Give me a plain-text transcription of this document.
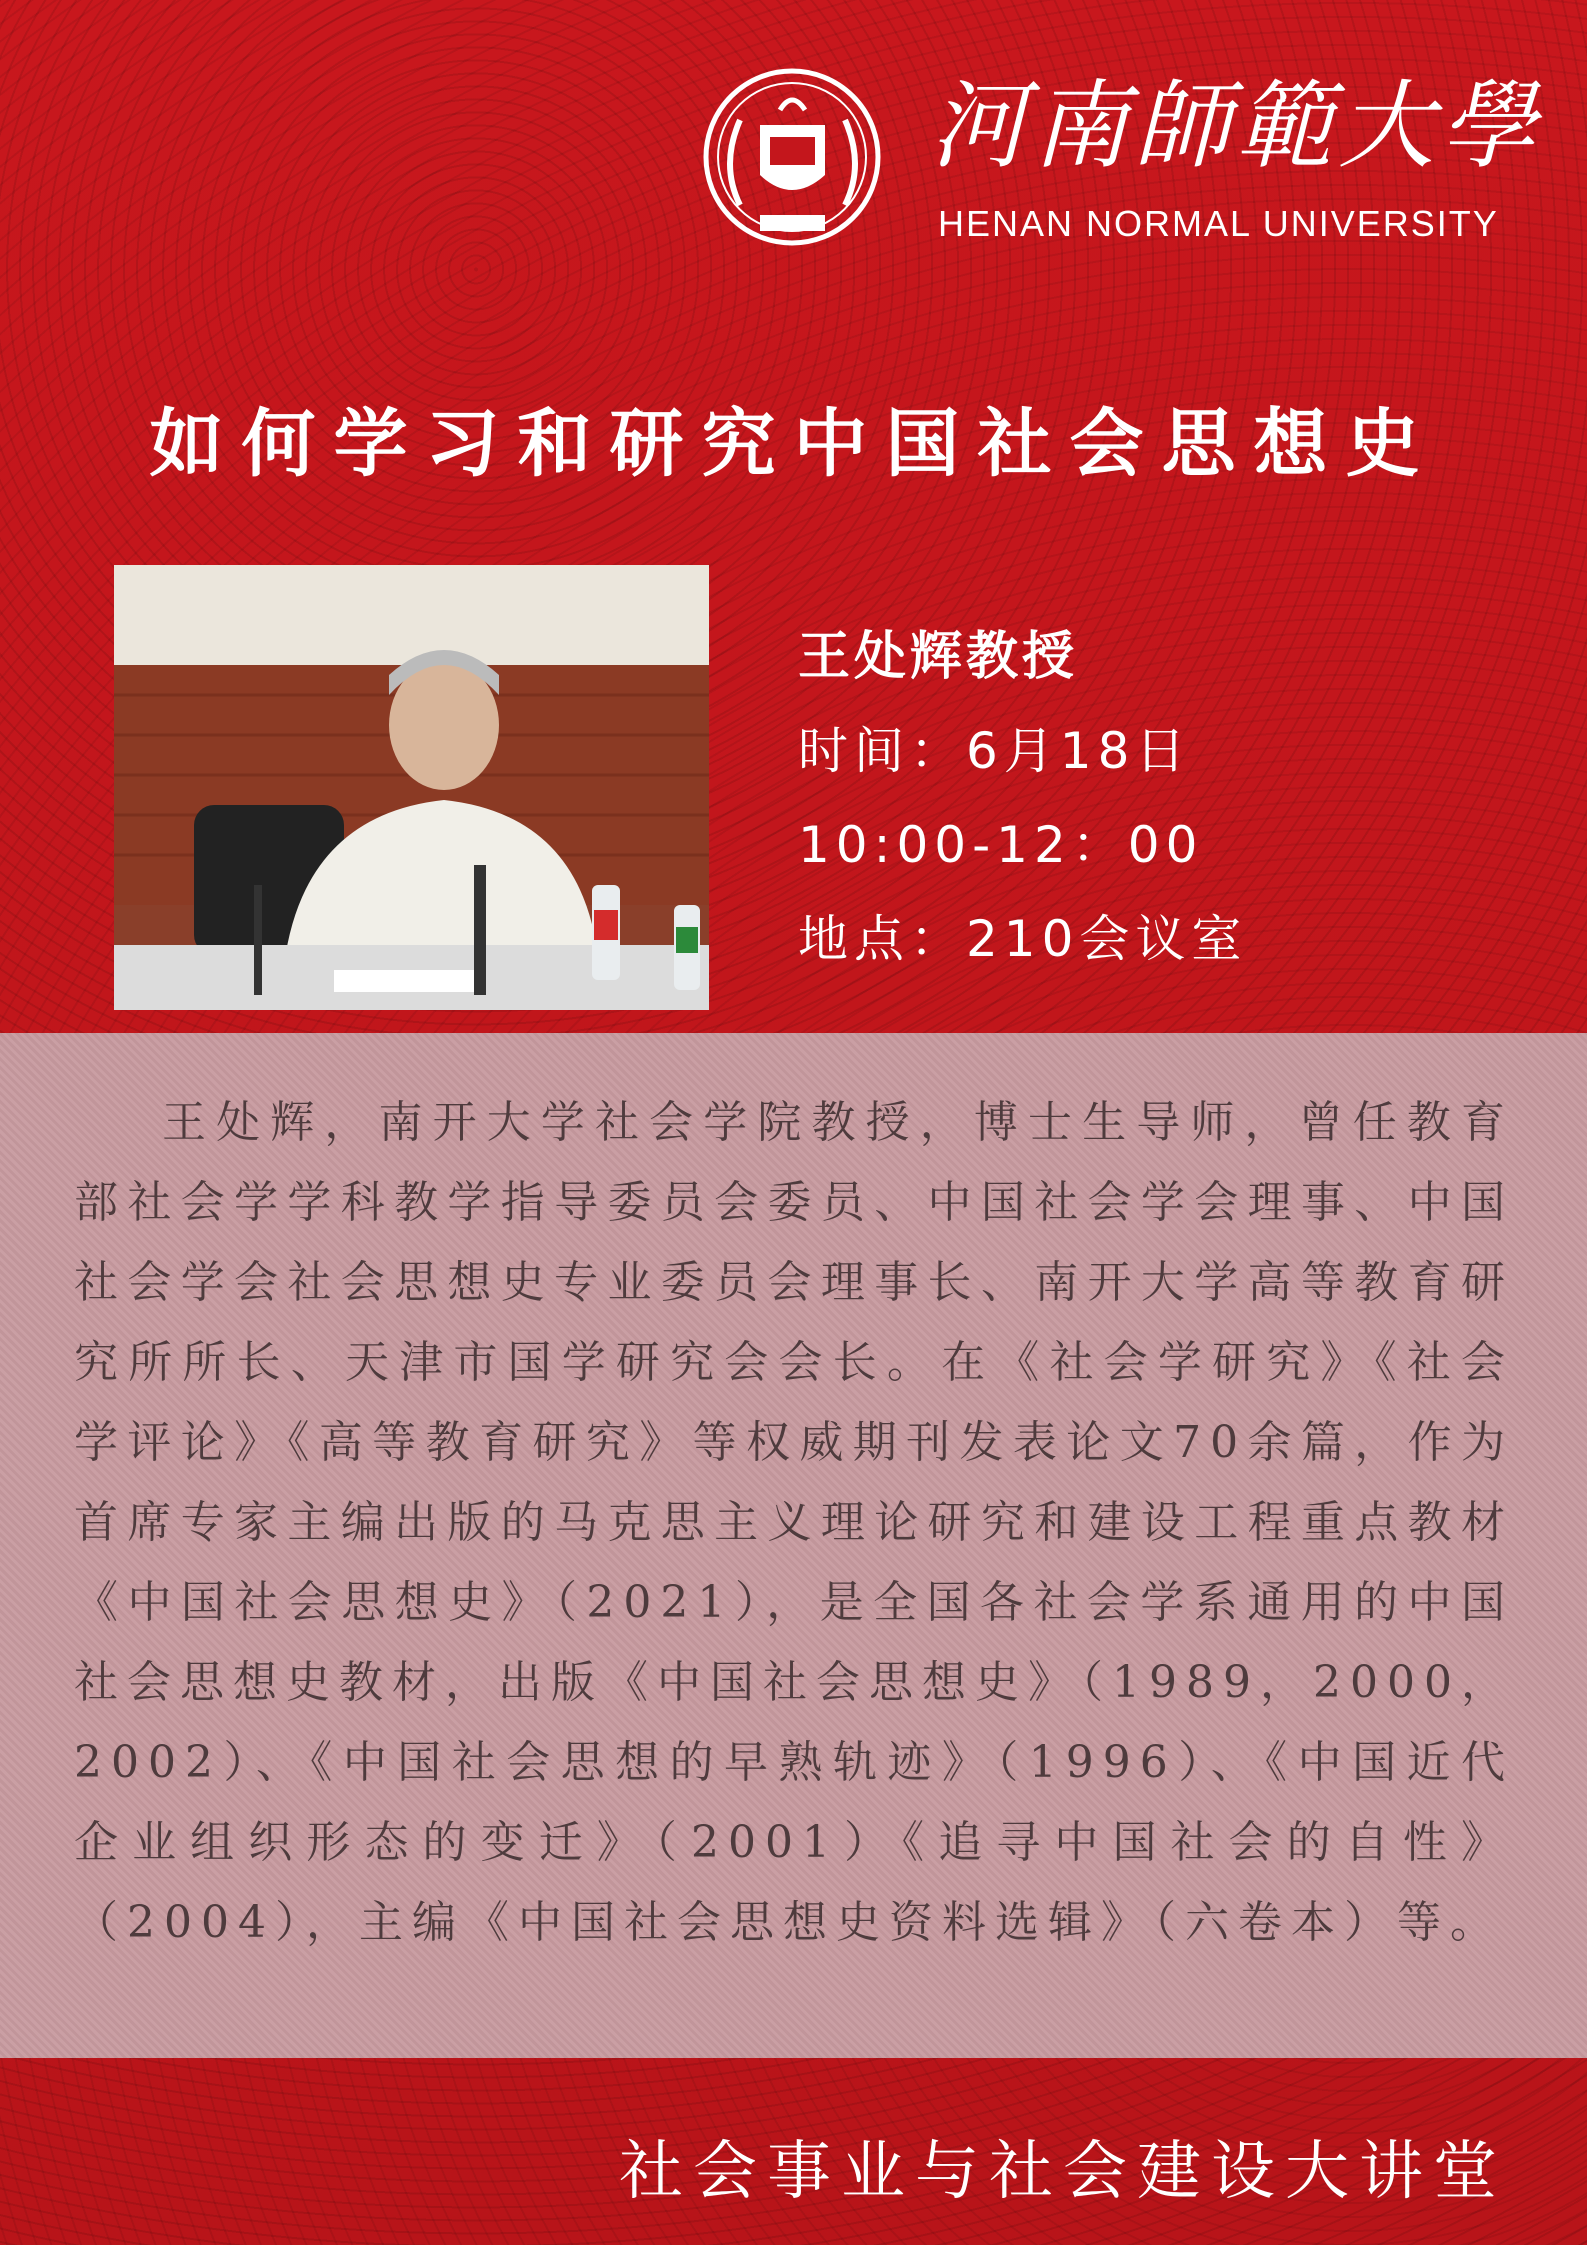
河南師範大學
HENAN NORMAL UNIVERSITY
如何学习和研究中国社会思想史
王处辉教授
时间：6月18日
10:00-12：00
地点：210会议室
王处辉，南开大学社会学院教授，博士生导师，曾任教育部社会学学科教学指导委员会委员、中国社会学会理事、中国社会学会社会思想史专业委员会理事长、南开大学高等教育研究所所长、天津市国学研究会会长。在《社会学研究》《社会学评论》《高等教育研究》等权威期刊发表论文70余篇，作为首席专家主编出版的马克思主义理论研究和建设工程重点教材《中国社会思想史》（2021），是全国各社会学系通用的中国社会思想史教材，出版《中国社会思想史》（1989，2000，2002）、《中国社会思想的早熟轨迹》（1996）、《中国近代企业组织形态的变迁》（2001）《追寻中国社会的自性》（2004），主编《中国社会思想史资料选辑》（六卷本）等。
社会事业与社会建设大讲堂
